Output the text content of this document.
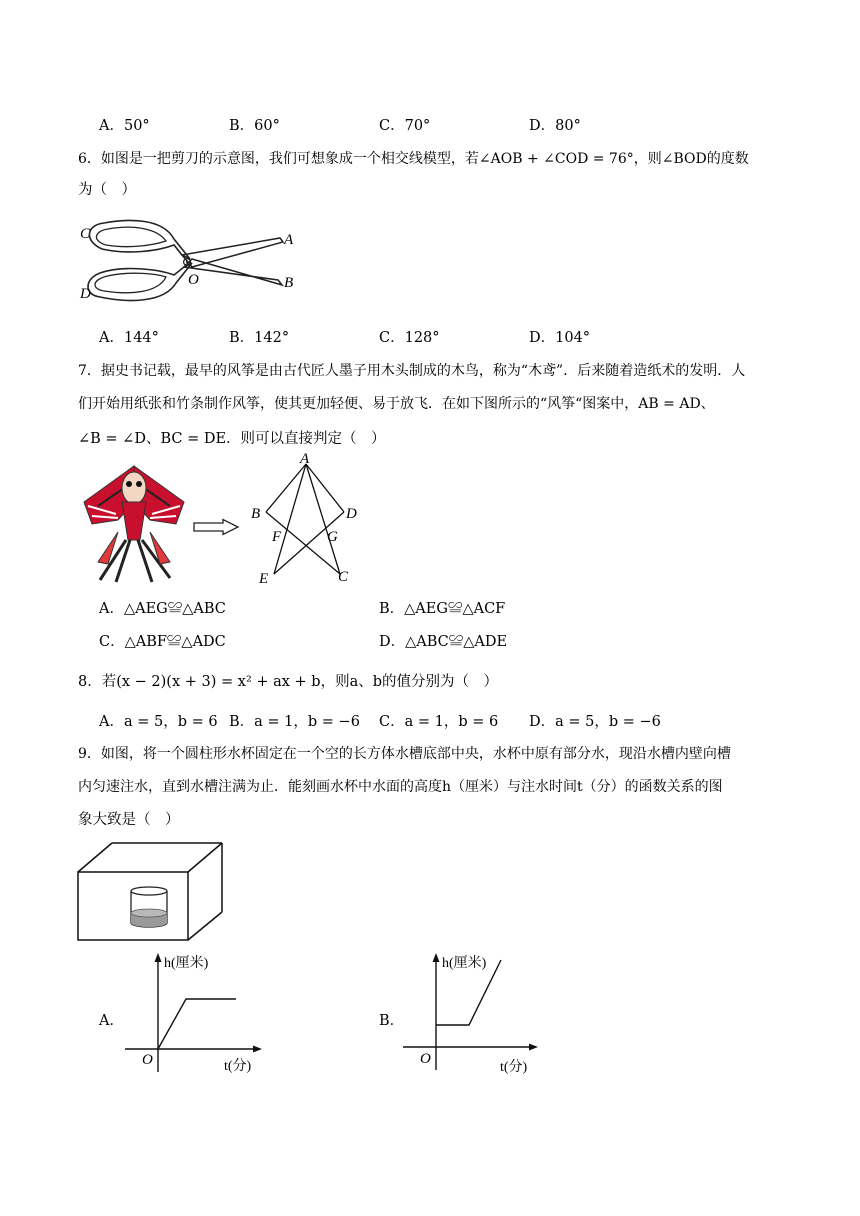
A．50°	B．60°	C．70°	D．80°
6．如图是一把剪刀的示意图，我们可想象成一个相交线模型，若∠AOB + ∠COD = 76°，则∠BOD的度数
为（　）
C	A
O
D
B
A．144°	B．142°	C．128°	D．104°
7．据史书记载，最早的风筝是由古代匠人墨子用木头制成的木鸟，称为“木鸢”．后来随着造纸术的发明．人
们开始用纸张和竹条制作风筝，使其更加轻便、易于放飞．在如下图所示的“风筝“图案中，AB = AD、
∠B = ∠D、BC = DE．则可以直接判定（　）
A
B	D
F	G
E	C
A．△AEG≌△ABC	B．△AEG≌△ACF
C．△ABF≌△ADC	D．△ABC≌△ADE
8．若(x − 2)(x + 3) = x² + ax + b，则a、b的值分别为（　）
A．a = 5，b = 6 B．a = 1，b = −6 C．a = 1，b = 6 D．a = 5，b = −6
9．如图，将一个圆柱形水杯固定在一个空的长方体水槽底部中央，水杯中原有部分水，现沿水槽内壁向槽
内匀速注水，直到水槽注满为止．能刻画水杯中水面的高度h（厘米）与注水时间t（分）的函数关系的图
象大致是（　）
A．
h(厘米)
O	t(分)
B．
h(厘米)
O
t(分)
